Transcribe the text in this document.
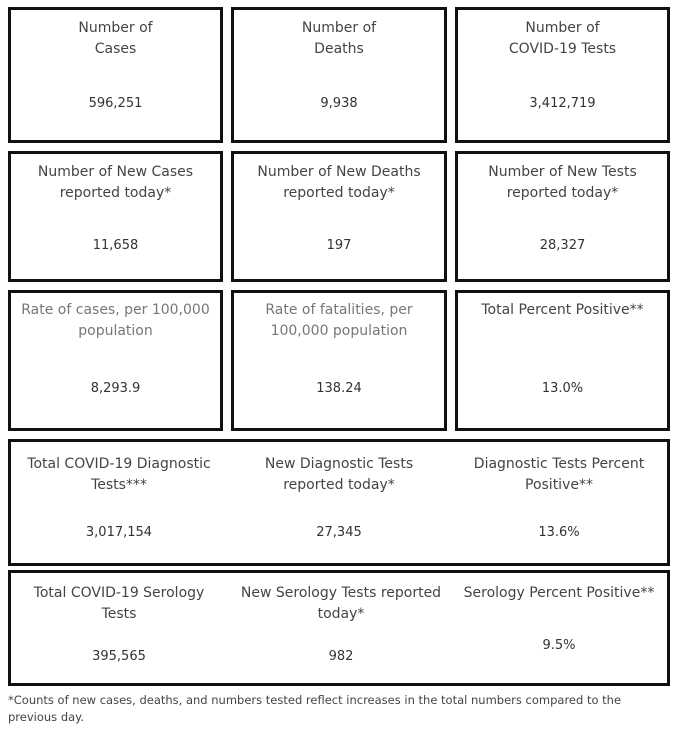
Number of
Cases
596,251
Number of
Deaths
9,938
Number of
COVID-19 Tests
3,412,719
Number of New Cases
reported today*
11,658
Number of New Deaths
reported today*
197
Number of New Tests
reported today*
28,327
Rate of cases, per 100,000
population
8,293.9
Rate of fatalities, per
100,000 population
138.24
Total Percent Positive**
13.0%
Total COVID-19 Diagnostic
Tests***
3,017,154
New Diagnostic Tests
reported today*
27,345
Diagnostic Tests Percent
Positive**
13.6%
Total COVID-19 Serology
Tests
395,565
New Serology Tests reported
today*
982
Serology Percent Positive**
9.5%
*Counts of new cases, deaths, and numbers tested reflect increases in the total numbers compared to the previous day.
